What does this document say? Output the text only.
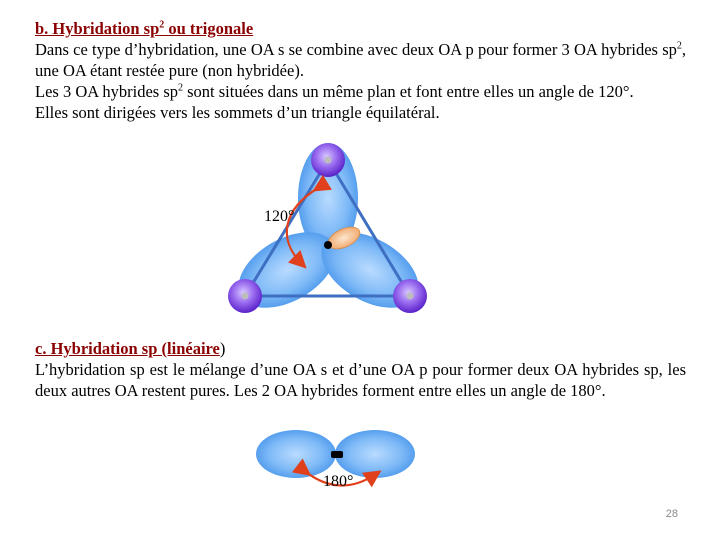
b. Hybridation $sp^2$ ou trigonale
Dans ce type d’hybridation, une OA s se combine avec deux OA p pour former 3 OA hybrides $sp^2$, une OA étant restée pure (non hybridée).
Les 3 OA hybrides $sp^2$ sont situées dans un même plan et font entre elles un angle de 120°.
Elles sont dirigées vers les sommets d’un triangle équilatéral.
120°
c. Hybridation sp (linéaire)
L’hybridation sp est le mélange d’une OA s et d’une OA p pour former deux OA hybrides sp, les deux autres OA restent pures. Les 2 OA hybrides forment entre elles un angle de 180°.
180°
28
